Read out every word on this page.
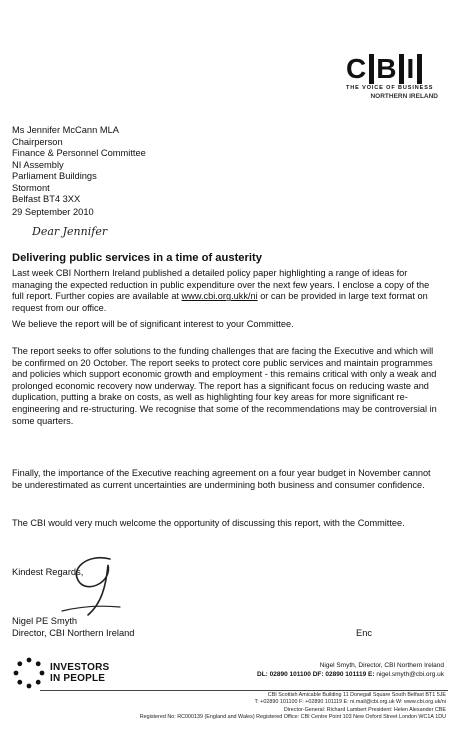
C B I
THE VOICE OF BUSINESS
NORTHERN IRELAND
Ms Jennifer McCann MLA
Chairperson
Finance & Personnel Committee
NI Assembly
Parliament Buildings
Stormont
Belfast BT4 3XX
29 September 2010
Dear Jennifer
Delivering public services in a time of austerity

Last week CBI Northern Ireland published a detailed policy paper highlighting a range of ideas for managing the expected reduction in public expenditure over the next few years. I enclose a copy of the full report. Further copies are available at www.cbi.org.ukk/ni or can be provided in large text format on request from our office.

We believe the report will be of significant interest to your Committee.

The report seeks to offer solutions to the funding challenges that are facing the Executive and which will be confirmed on 20 October. The report seeks to protect core public services and maintain programmes and policies which support economic growth and employment - this remains critical with only a weak and prolonged economic recovery now underway. The report has a significant focus on reducing waste and duplication, putting a brake on costs, as well as highlighting four key areas for more significant re-engineering and re-structuring. We recognise that some of the recommendations may be controversial in some quarters.

Finally, the importance of the Executive reaching agreement on a four year budget in November cannot be underestimated as current uncertainties are undermining both business and consumer confidence.

The CBI would very much welcome the opportunity of discussing this report, with the Committee.

Kindest Regards,
Nigel PE Smyth
Director, CBI Northern Ireland	Enc
INVESTORS
IN PEOPLE
Nigel Smyth, Director, CBI Northern Ireland
DL: 02890 101100 DF: 02890 101119 E: nigel.smyth@cbi.org.uk
CBI Scottish Amicable Building 11 Donegall Square South Belfast BT1 5JE
T: +02890 101100 F: +02890 101119 E: ni.mail@cbi.org.uk W: www.cbi.org.uk/ni
Director-General: Richard Lambert President: Helen Alexander CBE
Registered No: RC000139 (England and Wales) Registered Office: CBI Centre Point 103 New Oxford Street London WC1A 1DU
